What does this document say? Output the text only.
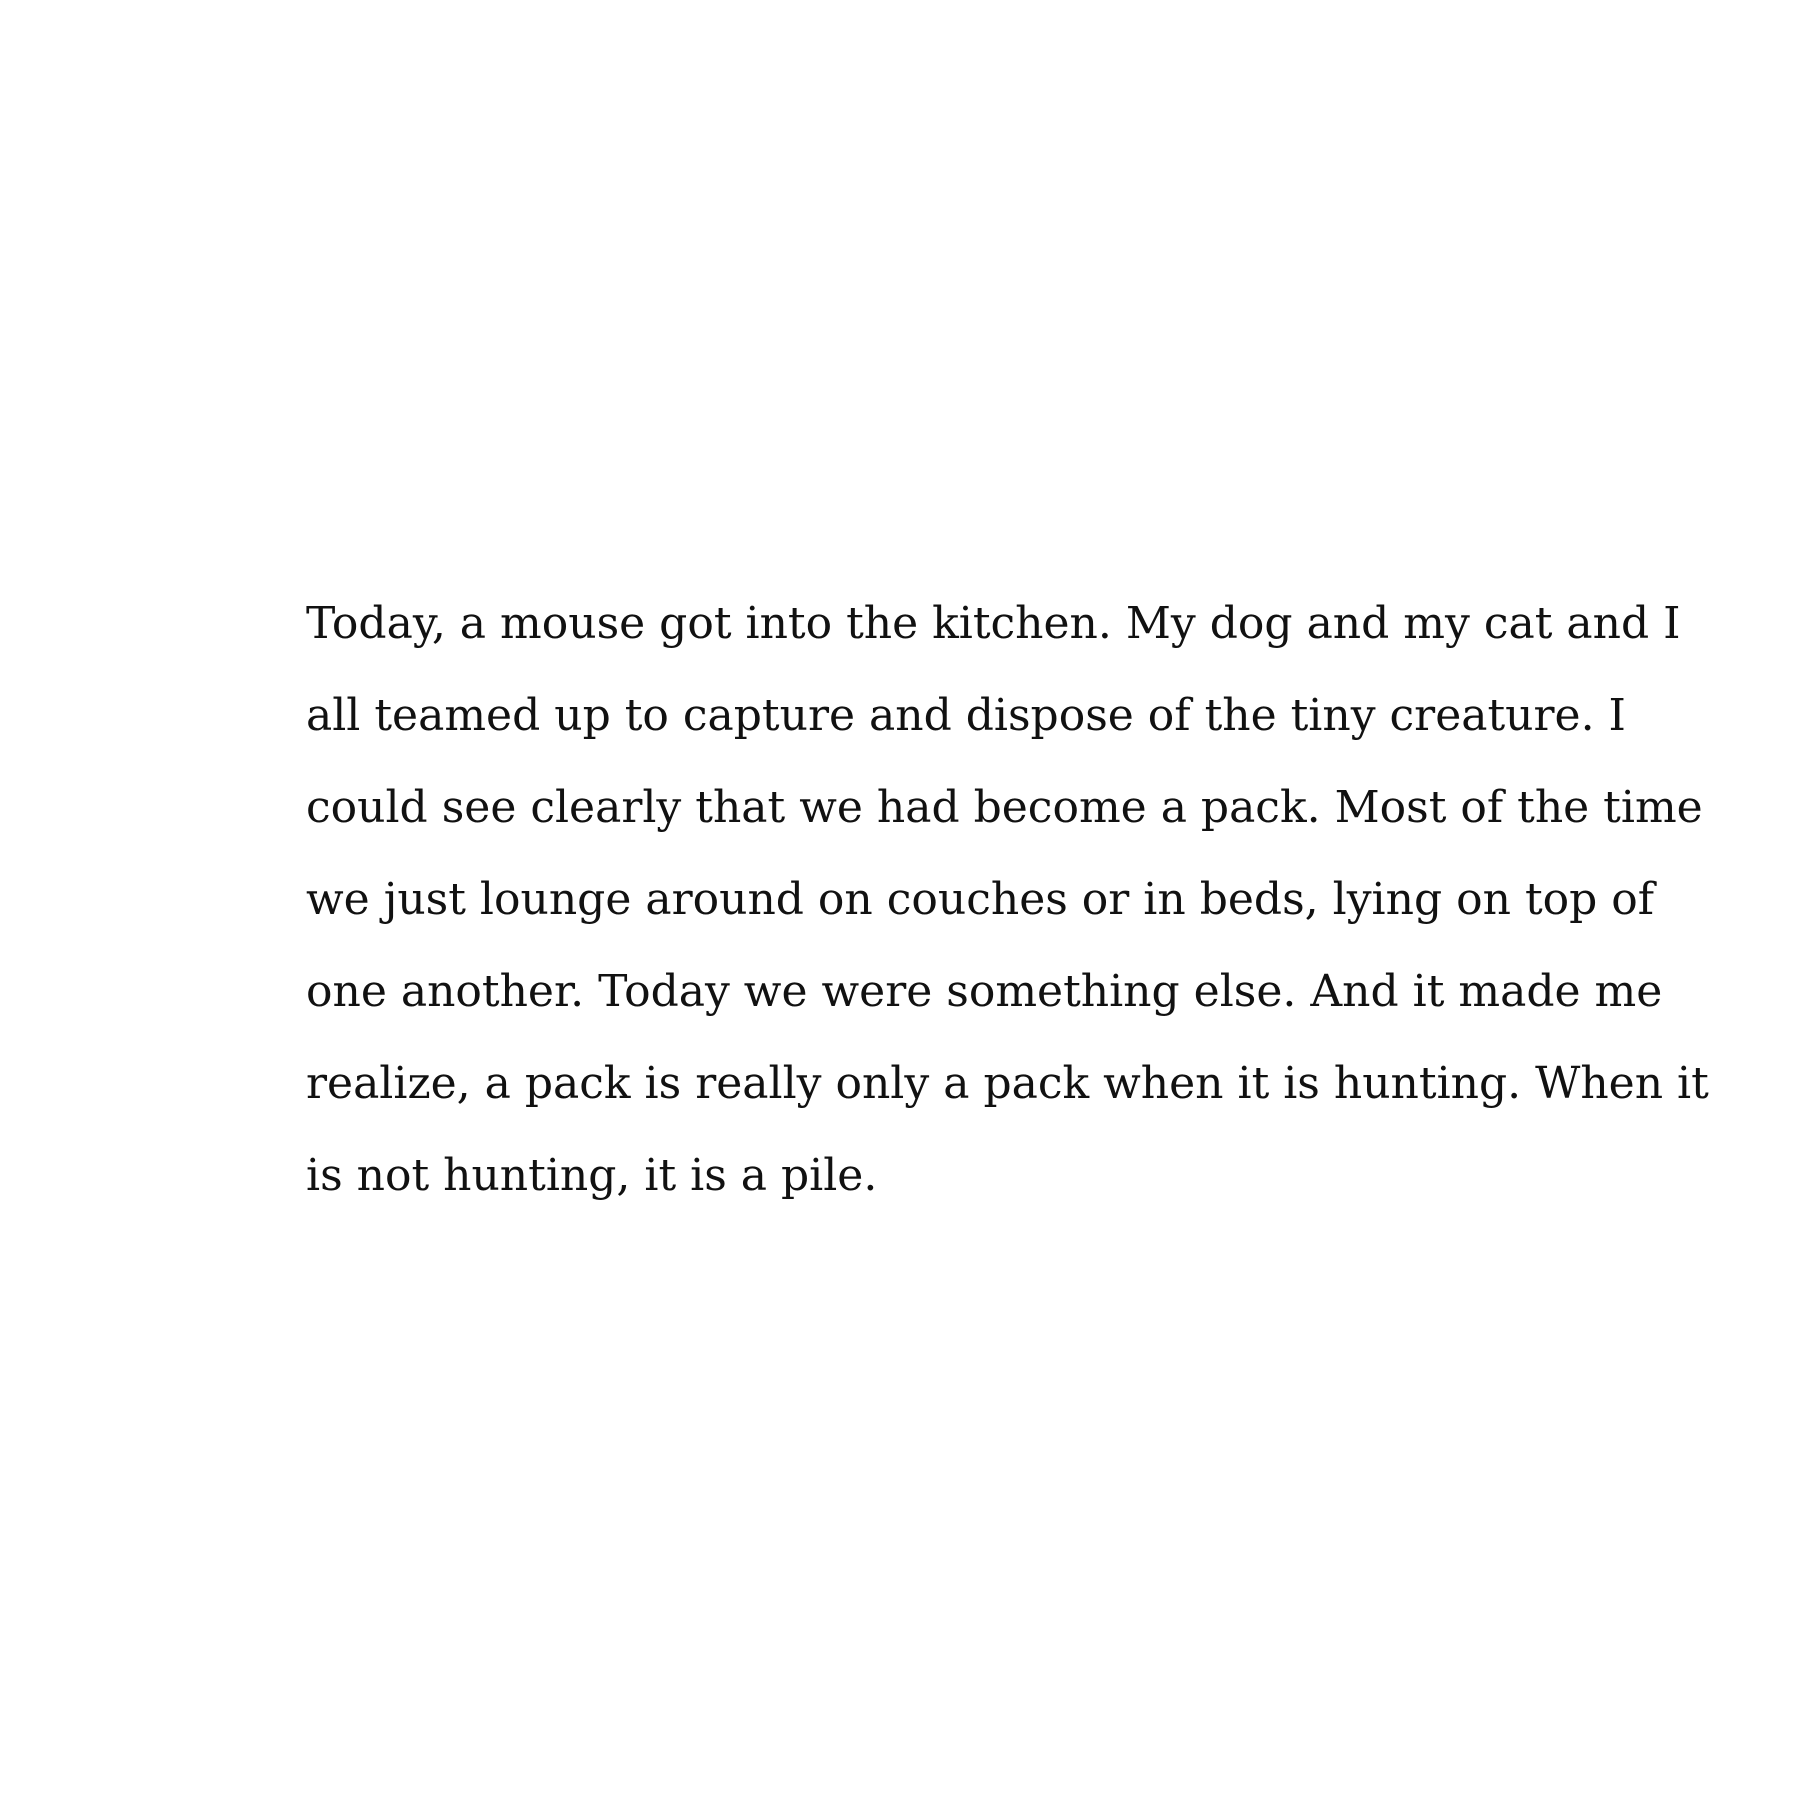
Today, a mouse got into the kitchen. My dog and my cat and I
all teamed up to capture and dispose of the tiny creature. I
could see clearly that we had become a pack. Most of the time
we just lounge around on couches or in beds, lying on top of
one another. Today we were something else. And it made me
realize, a pack is really only a pack when it is hunting. When it
is not hunting, it is a pile.
